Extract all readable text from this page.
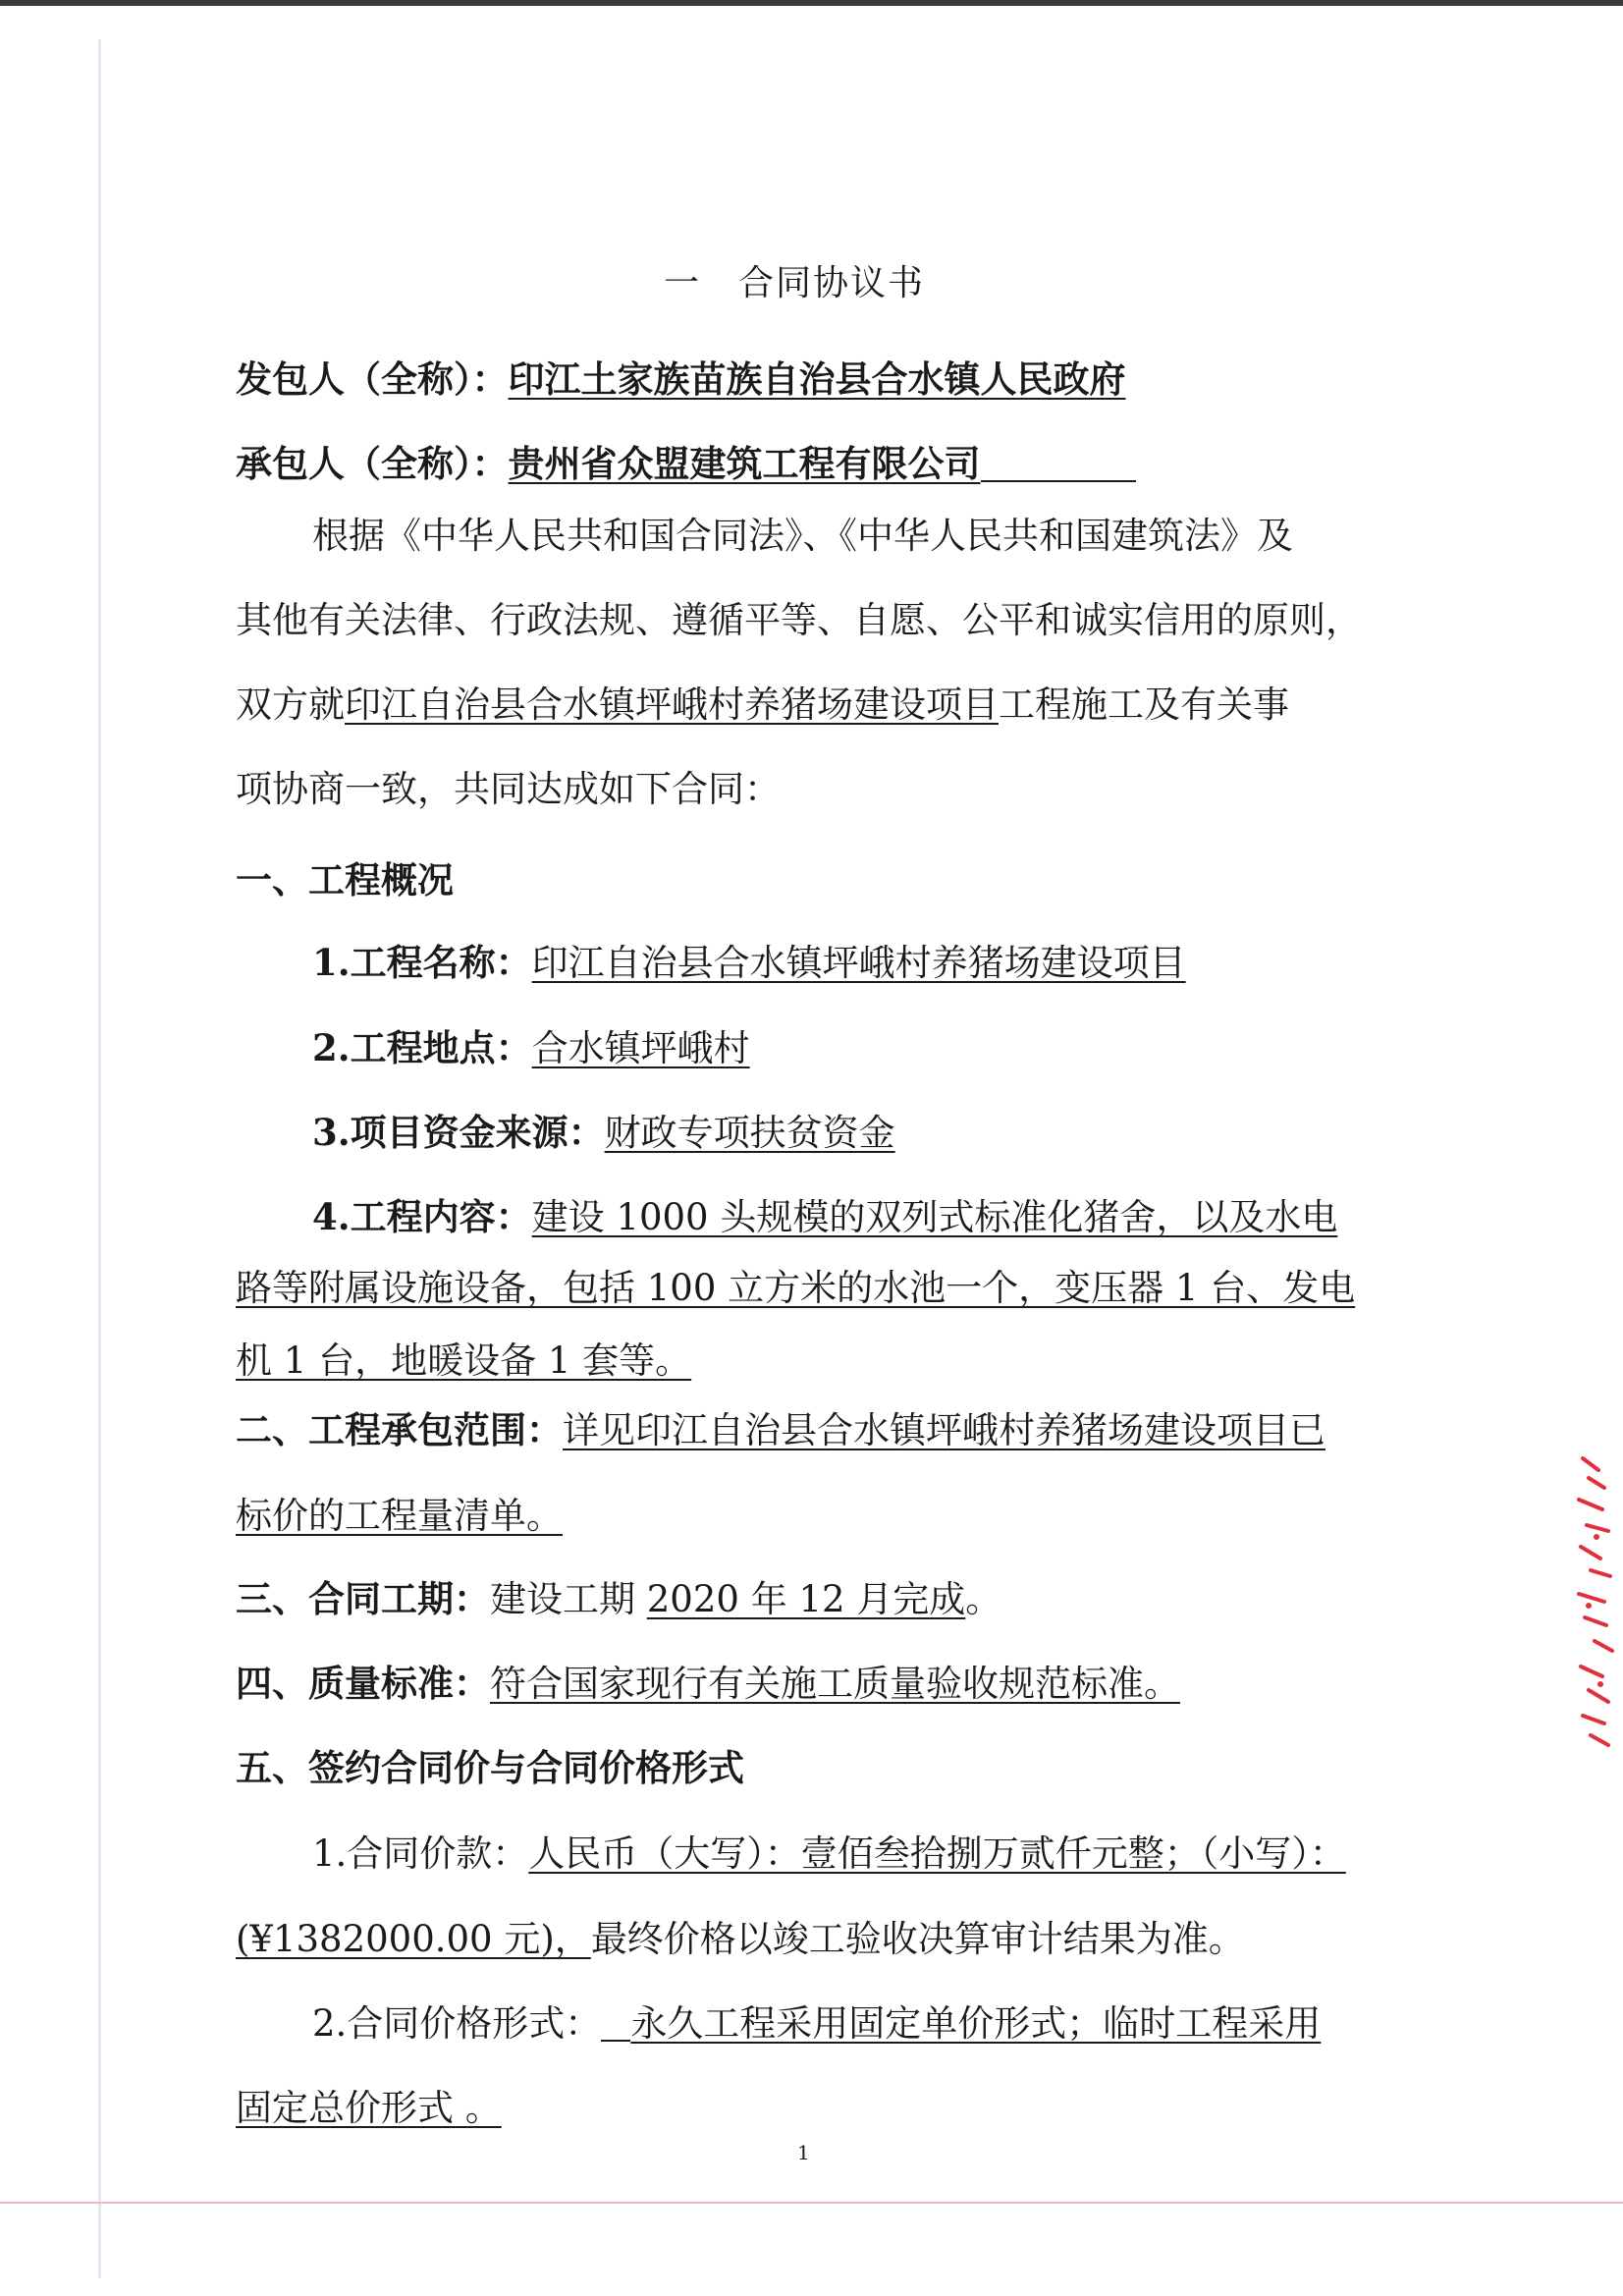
一　合同协议书
发包人（全称）：印江土家族苗族自治县合水镇人民政府
承包人（全称）：贵州省众盟建筑工程有限公司
根据《中华人民共和国合同法》、《中华人民共和国建筑法》及
其他有关法律、行政法规、遵循平等、自愿、公平和诚实信用的原则，
双方就印江自治县合水镇坪峨村养猪场建设项目工程施工及有关事
项协商一致，共同达成如下合同：
一、工程概况
1.工程名称：印江自治县合水镇坪峨村养猪场建设项目
2.工程地点：合水镇坪峨村
3.项目资金来源：财政专项扶贫资金
4.工程内容：建设 1000 头规模的双列式标准化猪舍，以及水电
路等附属设施设备，包括 100 立方米的水池一个，变压器 1 台、发电
机 1 台，地暖设备 1 套等。
二、工程承包范围：详见印江自治县合水镇坪峨村养猪场建设项目已
标价的工程量清单。
三、合同工期：建设工期 2020 年 12 月完成。
四、质量标准：符合国家现行有关施工质量验收规范标准。
五、签约合同价与合同价格形式
1.合同价款：人民币（大写）：壹佰叁拾捌万贰仟元整；（小写）：
(¥1382000.00 元)，最终价格以竣工验收决算审计结果为准。
2.合同价格形式： 永久工程采用固定单价形式；临时工程采用
固定总价形式 。
1
